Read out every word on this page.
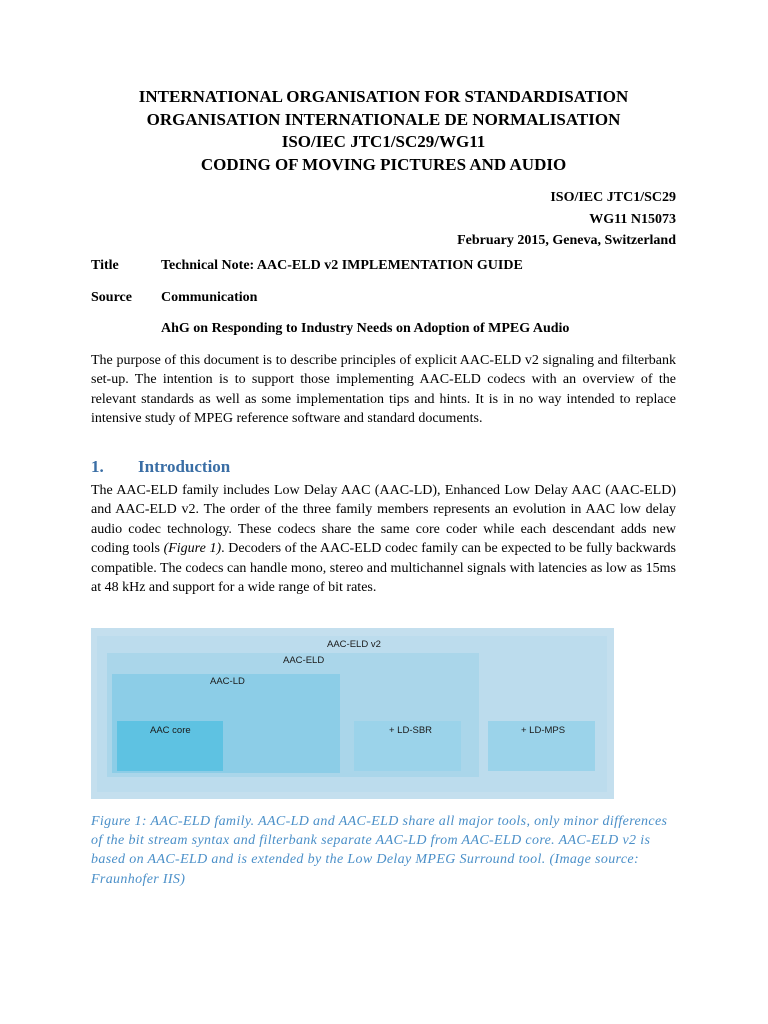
INTERNATIONAL ORGANISATION FOR STANDARDISATION
ORGANISATION INTERNATIONALE DE NORMALISATION
ISO/IEC JTC1/SC29/WG11
CODING OF MOVING PICTURES AND AUDIO
ISO/IEC JTC1/SC29
WG11 N15073
February 2015, Geneva, Switzerland
Title	Technical Note: AAC-ELD v2 IMPLEMENTATION GUIDE
Source Communication
AhG on Responding to Industry Needs on Adoption of MPEG Audio
The purpose of this document is to describe principles of explicit AAC-ELD v2 signaling and filterbank set-up. The intention is to support those implementing AAC-ELD codecs with an overview of the relevant standards as well as some implementation tips and hints. It is in no way intended to replace intensive study of MPEG reference software and standard documents.
1. Introduction
The AAC-ELD family includes Low Delay AAC (AAC-LD), Enhanced Low Delay AAC (AAC-ELD) and AAC-ELD v2. The order of the three family members represents an evolution in AAC low delay audio codec technology. These codecs share the same core coder while each descendant adds new coding tools (Figure 1). Decoders of the AAC-ELD codec family can be expected to be fully backwards compatible. The codecs can handle mono, stereo and multichannel signals with latencies as low as 15ms at 48 kHz and support for a wide range of bit rates.
AAC-ELD v2
AAC-ELD
AAC-LD
AAC core	+ LD-SBR	+ LD-MPS
Figure 1: AAC-ELD family. AAC-LD and AAC-ELD share all major tools, only minor differences of the bit stream syntax and filterbank separate AAC-LD from AAC-ELD core. AAC-ELD v2 is based on AAC-ELD and is extended by the Low Delay MPEG Surround tool. (Image source: Fraunhofer IIS)
